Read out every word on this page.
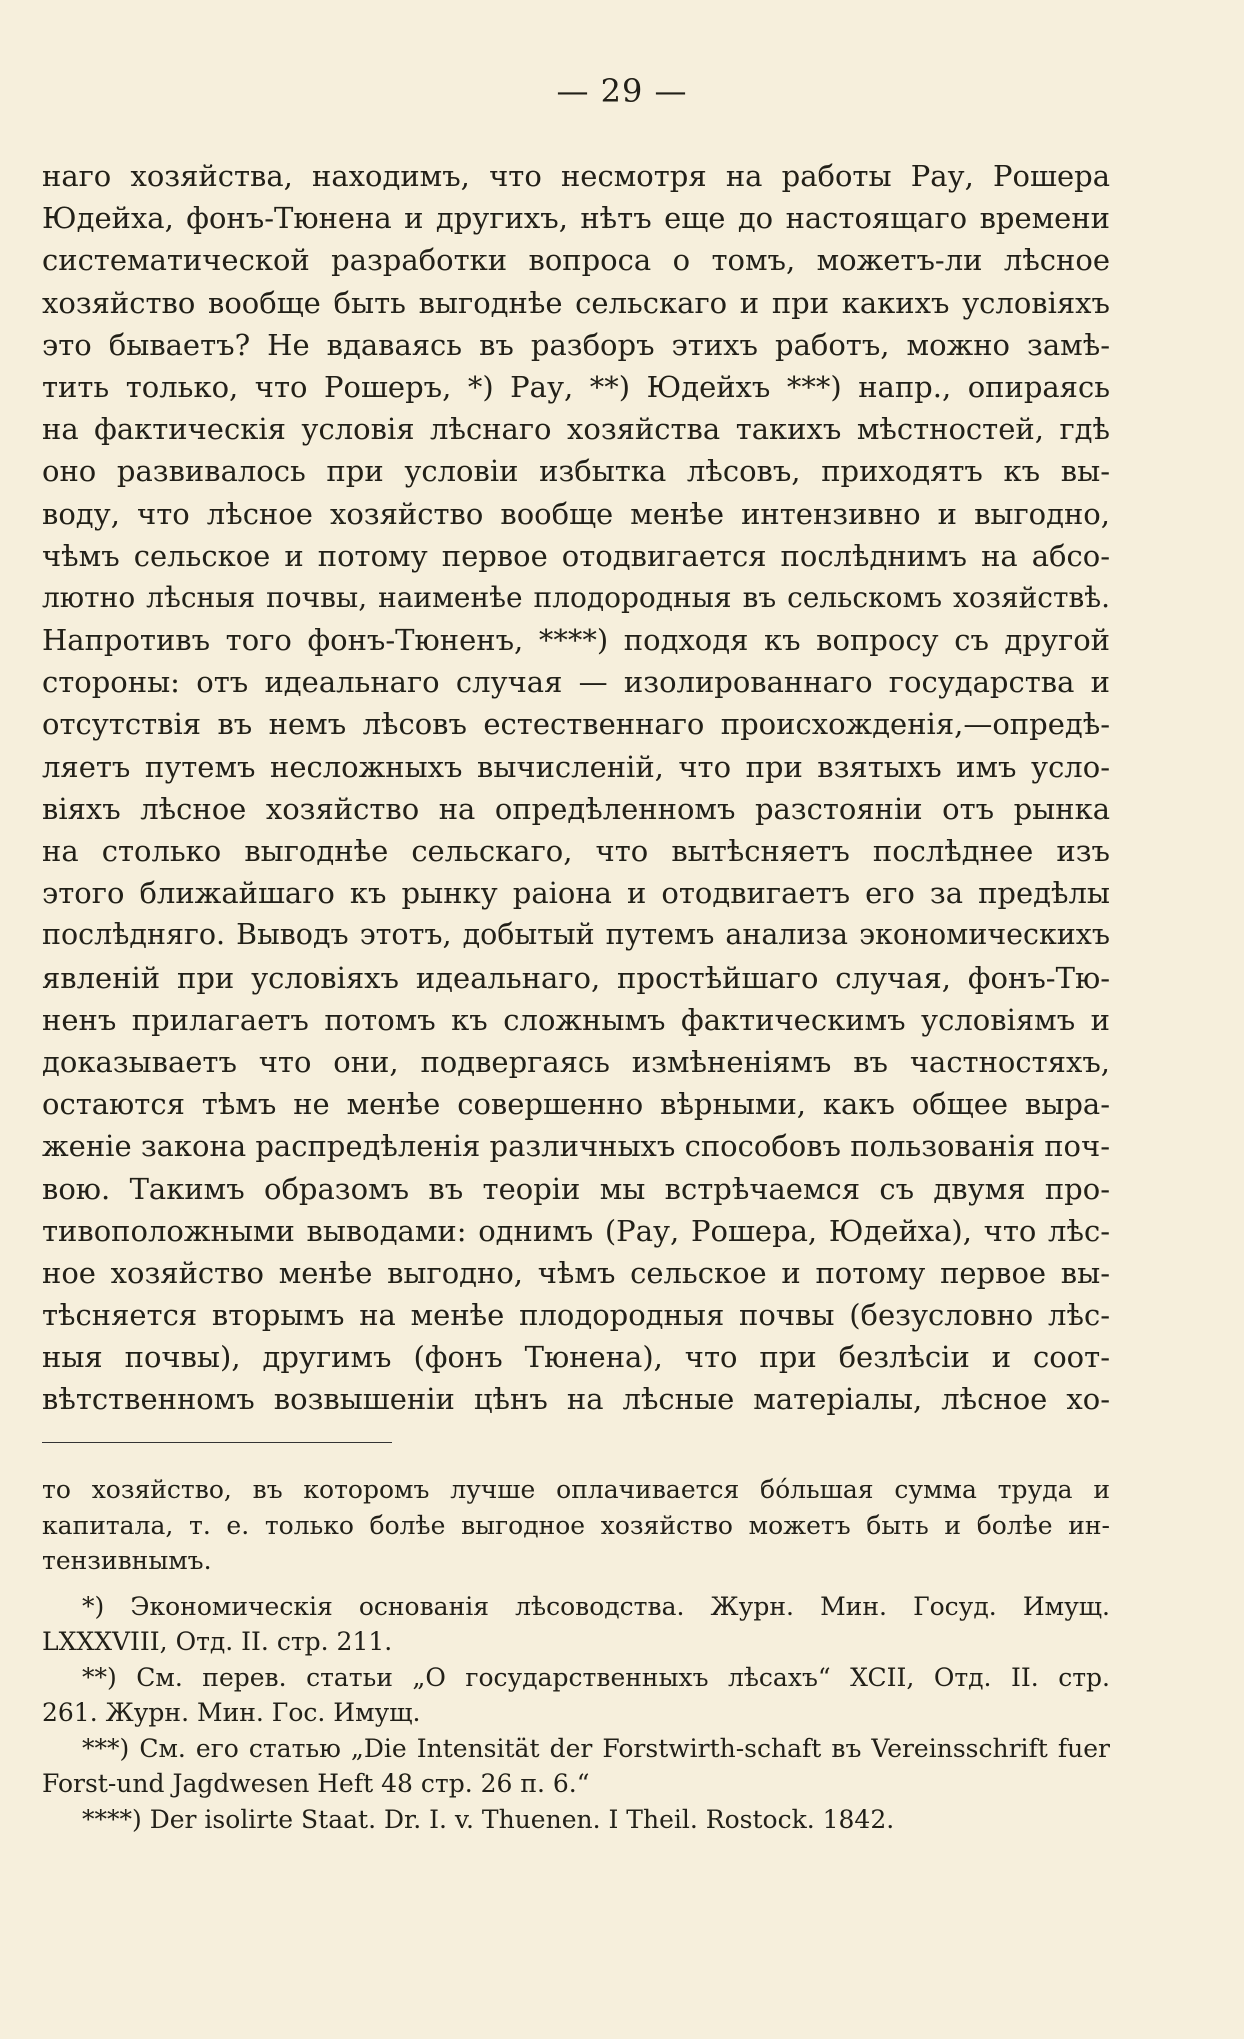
— 29 —
наго хозяйства, находимъ, что несмотря на работы Рау, Рошера
Юдейха, фонъ-Тюнена и другихъ, нѣтъ еще до настоящаго времени
систематической разработки вопроса о томъ, можетъ-ли лѣсное
хозяйство вообще быть выгоднѣе сельскаго и при какихъ условіяхъ
это бываетъ? Не вдаваясь въ разборъ этихъ работъ, можно замѣ-
тить только, что Рошеръ, *) Рау, **) Юдейхъ ***) напр., опираясь
на фактическія условія лѣснаго хозяйства такихъ мѣстностей, гдѣ
оно развивалось при условіи избытка лѣсовъ, приходятъ къ вы-
воду, что лѣсное хозяйство вообще менѣе интензивно и выгодно,
чѣмъ сельское и потому первое отодвигается послѣднимъ на абсо-
лютно лѣсныя почвы, наименѣе плодородныя въ сельскомъ хозяйствѣ.
Напротивъ того фонъ-Тюненъ, ****) подходя къ вопросу съ другой
стороны: отъ идеальнаго случая — изолированнаго государства и
отсутствія въ немъ лѣсовъ естественнаго происхожденія,—опредѣ-
ляетъ путемъ несложныхъ вычисленій, что при взятыхъ имъ усло-
віяхъ лѣсное хозяйство на опредѣленномъ разстояніи отъ рынка
на столько выгоднѣе сельскаго, что вытѣсняетъ послѣднее изъ
этого ближайшаго къ рынку раіона и отодвигаетъ его за предѣлы
послѣдняго. Выводъ этотъ, добытый путемъ анализа экономическихъ
явленій при условіяхъ идеальнаго, простѣйшаго случая, фонъ-Тю-
ненъ прилагаетъ потомъ къ сложнымъ фактическимъ условіямъ и
доказываетъ что они, подвергаясь измѣненіямъ въ частностяхъ,
остаются тѣмъ не менѣе совершенно вѣрными, какъ общее выра-
женіе закона распредѣленія различныхъ способовъ пользованія поч-
вою. Такимъ образомъ въ теоріи мы встрѣчаемся съ двумя про-
тивоположными выводами: однимъ (Рау, Рошера, Юдейха), что лѣс-
ное хозяйство менѣе выгодно, чѣмъ сельское и потому первое вы-
тѣсняется вторымъ на менѣе плодородныя почвы (безусловно лѣс-
ныя почвы), другимъ (фонъ Тюнена), что при безлѣсіи и соот-
вѣтственномъ возвышеніи цѣнъ на лѣсные матеріалы, лѣсное хо-
то хозяйство, въ которомъ лучше оплачивается бо́льшая сумма труда и
капитала, т. е. только болѣе выгодное хозяйство можетъ быть и болѣе ин-
тензивнымъ.
*) Экономическія основанія лѣсоводства. Журн. Мин. Госуд. Имущ.
LXXXVIII, Отд. II. стр. 211.
**) См. перев. статьи „О государственныхъ лѣсахъ“ XCII, Отд. II. стр.
261. Журн. Мин. Гос. Имущ.
***) См. его статью „Die Intensität der Forstwirth-schaft въ Vereinsschrift fuer
Forst-und Jagdwesen Heft 48 стр. 26 п. 6.“
****) Der isolirte Staat. Dr. I. v. Thuenen. I Theil. Rostock. 1842.
